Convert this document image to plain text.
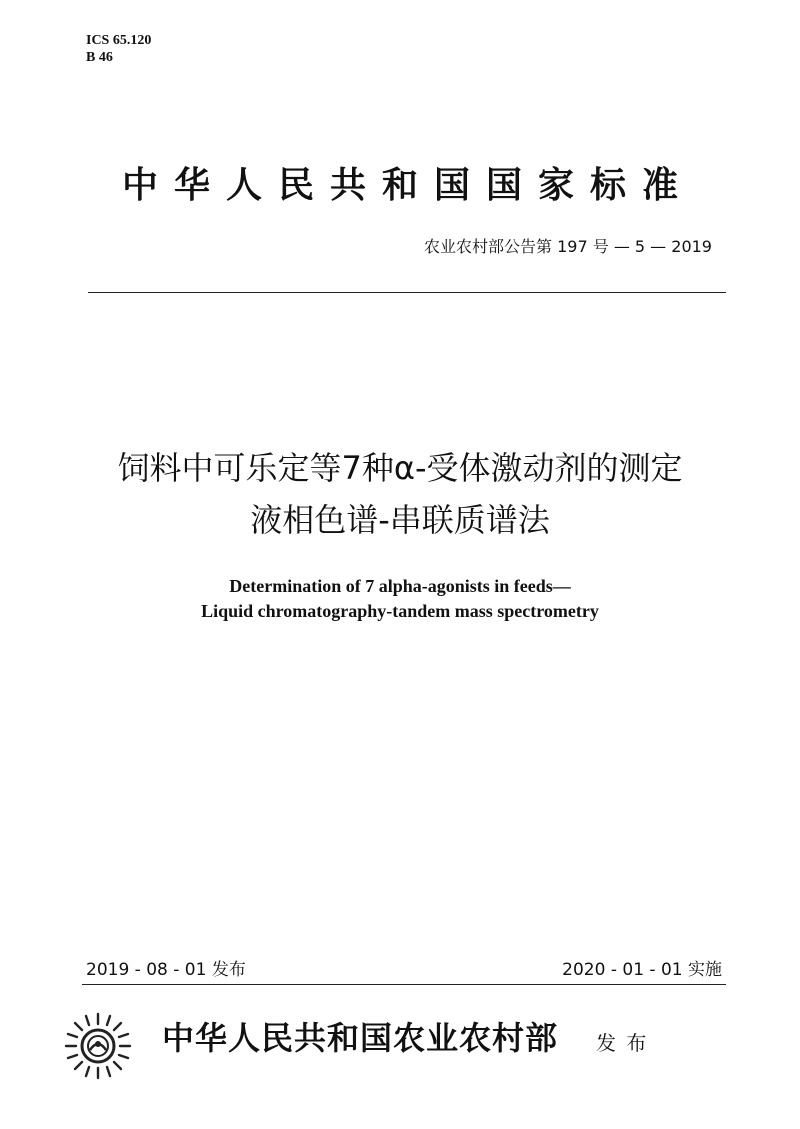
ICS 65.120
B 46
中华人民共和国国家标准
农业农村部公告第 197 号 — 5 — 2019
饲料中可乐定等7种α-受体激动剂的测定
液相色谱-串联质谱法
Determination of 7 alpha-agonists in feeds—
Liquid chromatography-tandem mass spectrometry
2019 - 08 - 01 发布	2020 - 01 - 01 实施
中华人民共和国农业农村部 发 布
